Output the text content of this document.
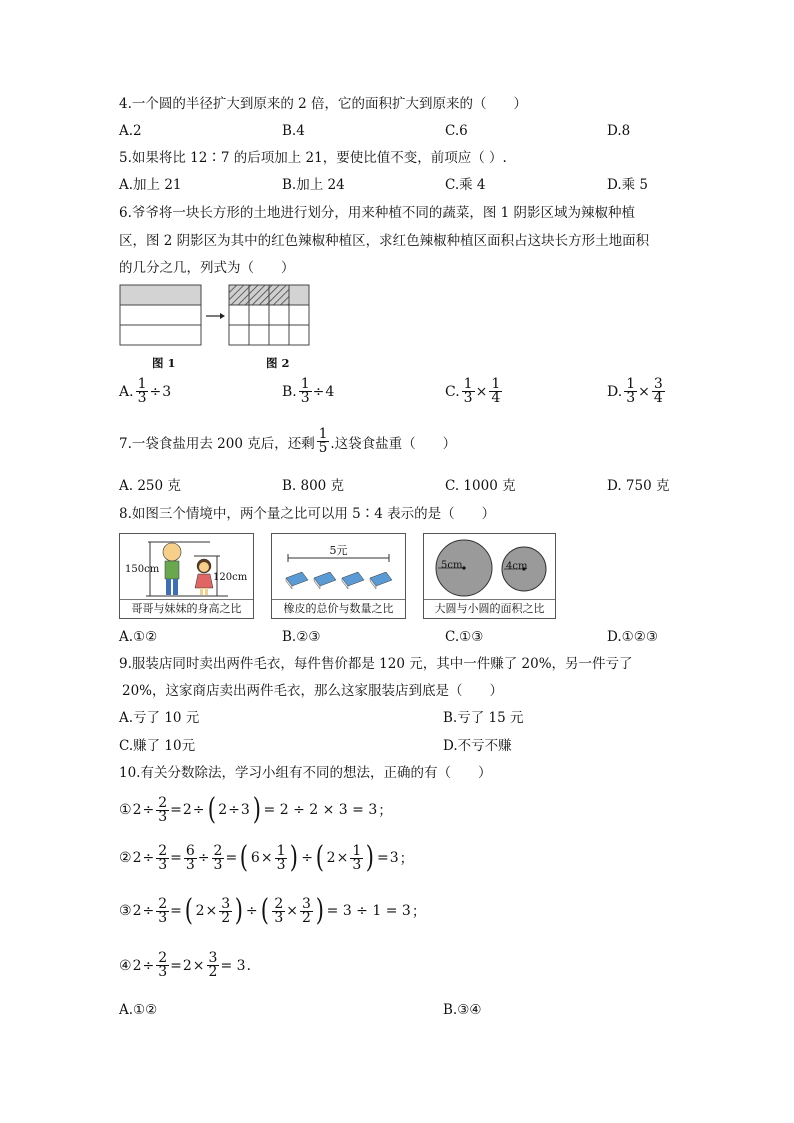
4.一个圆的半径扩大到原来的 2 倍，它的面积扩大到原来的（　　）
A.2	B.4	C.6	D.8
5.如果将比 12∶7 的后项加上 21，要使比值不变，前项应（ ）.
A.加上 21	B.加上 24	C.乘 4	D.乘 5
6.爷爷将一块长方形的土地进行划分，用来种植不同的蔬菜，图 1 阴影区域为辣椒种植
区，图 2 阴影区为其中的红色辣椒种植区，求红色辣椒种植区面积占这块长方形土地面积
的几分之几，列式为（　　）
图 1	图 2
A. $\frac{1}{3} \div 3$	B. $\frac{1}{3} \div 4$	C. $\frac{1}{3} \times \frac{1}{4}$	D. $\frac{1}{3} \times \frac{3}{4}$
7.一袋食盐用去 200 克后，还剩 $\frac{1}{5}$ .这袋食盐重（　　）
A. 250 克	B. 800 克	C. 1000 克	D. 750 克
8.如图三个情境中，两个量之比可以用 5∶4 表示的是（　　）
150cm
120cm
哥哥与妹妹的身高之比
5元
橡皮的总价与数量之比
5cm	4cm
大圆与小圆的面积之比
A.①②	B.②③	C.①③	D.①②③
9.服装店同时卖出两件毛衣，每件售价都是 120 元，其中一件赚了 20%，另一件亏了
20%，这家商店卖出两件毛衣，那么这家服装店到底是（　　）
A.亏了 10 元	B.亏了 15 元
C.赚了 10元	D.不亏不赚
10.有关分数除法，学习小组有不同的想法，正确的有（　　）
① $2 \div \frac{2}{3} = 2$ ÷ ( 2 ÷ 3 ) = 2 ÷ 2 × 3 = 3 ；
② $2 \div \frac{2}{3} = \frac{6}{3} \div \frac{2}{3}$ = ( $6 \times \frac{1}{3}$ ) ÷ ( $2 \times \frac{1}{3}$ ) = 3 ；
③ $2 \div \frac{2}{3}$ = ( $2 \times \frac{3}{2}$ ) ÷ ( $\frac{2}{3} \times \frac{3}{2}$ ) = 3 ÷ 1 = 3 ；
④ $2 \div \frac{2}{3} = 2 \times \frac{3}{2} = 3$ .
A.①②	B.③④
